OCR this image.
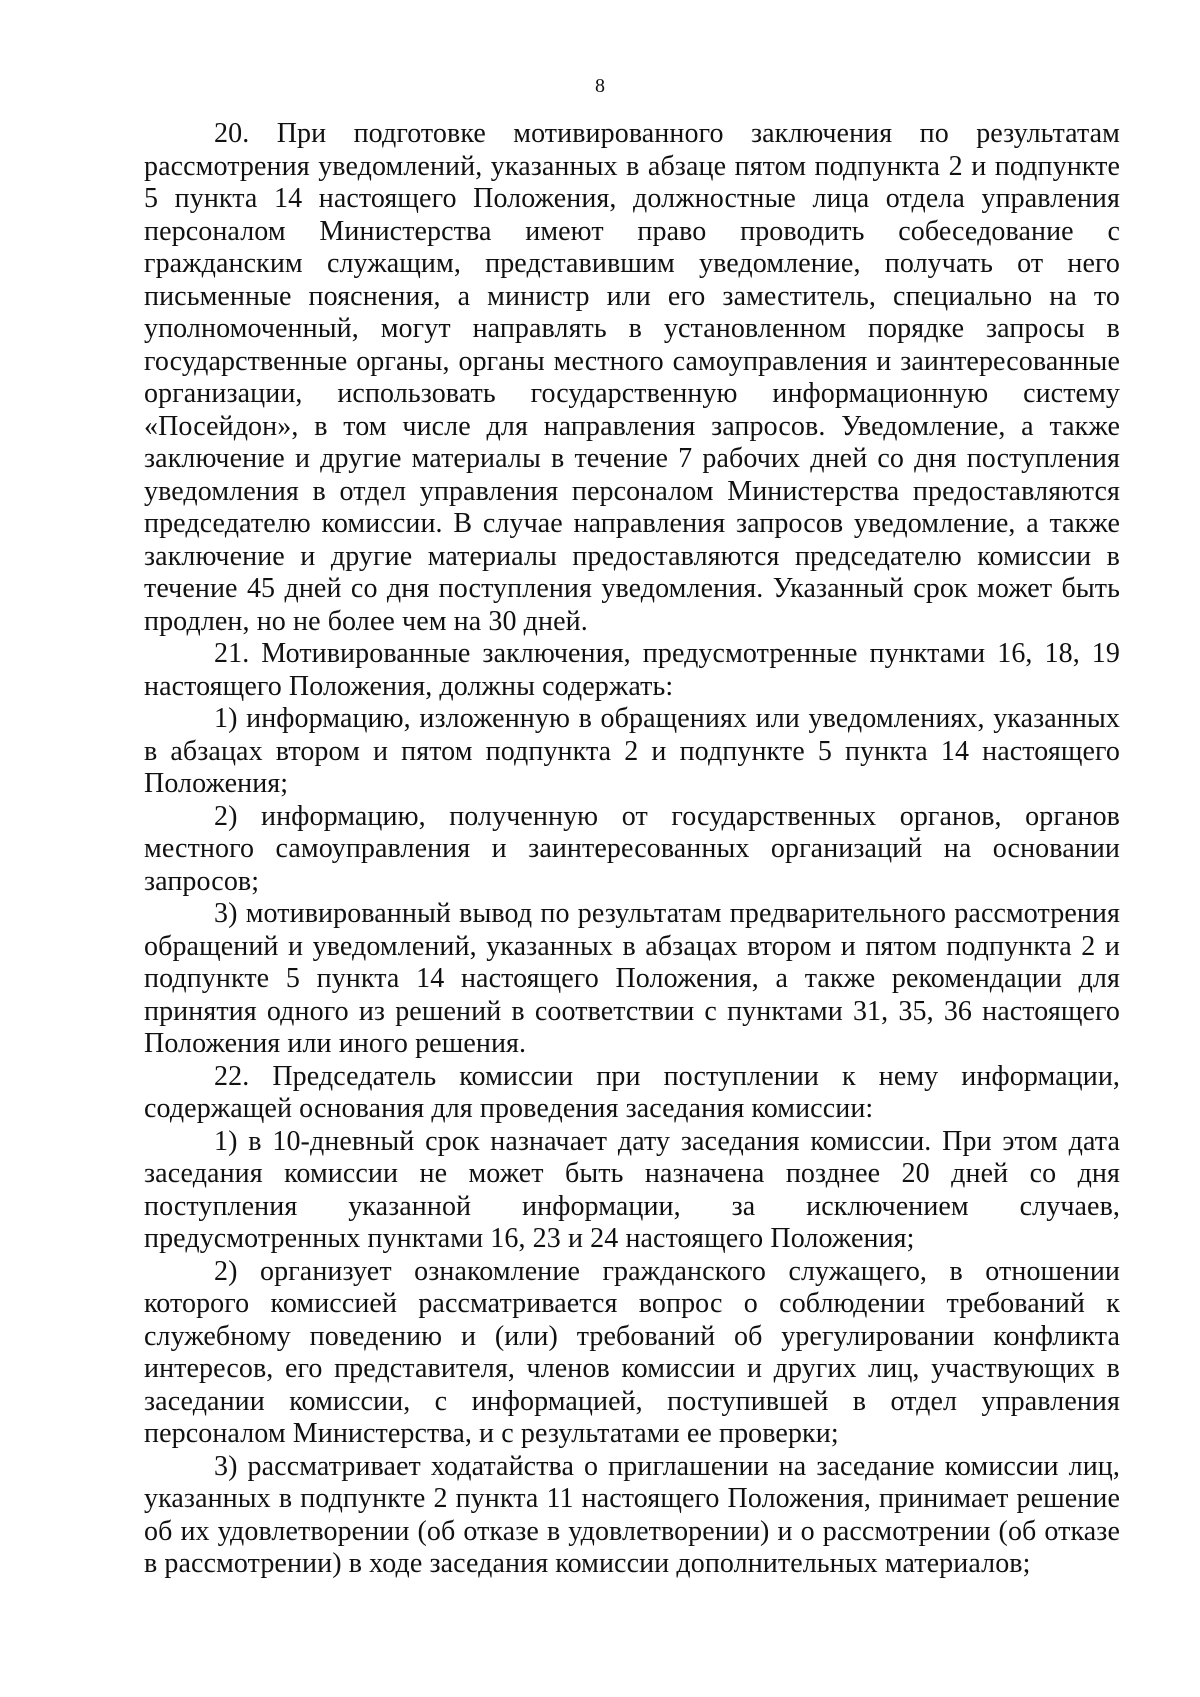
8

20. При подготовке мотивированного заключения по результатам рассмотрения уведомлений, указанных в абзаце пятом подпункта 2 и подпункте 5 пункта 14 настоящего Положения, должностные лица отдела управления персоналом Министерства имеют право проводить собеседование с гражданским служащим, представившим уведомление, получать от него письменные пояснения, а министр или его заместитель, специально на то уполномоченный, могут направлять в установленном порядке запросы в государственные органы, органы местного самоуправления и заинтересованные организации, использовать государственную информационную систему «Посейдон», в том числе для направления запросов. Уведомление, а также заключение и другие материалы в течение 7 рабочих дней со дня поступления уведомления в отдел управления персоналом Министерства предоставляются председателю комиссии. В случае направления запросов уведомление, а также заключение и другие материалы предоставляются председателю комиссии в течение 45 дней со дня поступления уведомления. Указанный срок может быть продлен, но не более чем на 30 дней.

21. Мотивированные заключения, предусмотренные пунктами 16, 18, 19 настоящего Положения, должны содержать:

1) информацию, изложенную в обращениях или уведомлениях, указанных в абзацах втором и пятом подпункта 2 и подпункте 5 пункта 14 настоящего Положения;

2) информацию, полученную от государственных органов, органов местного самоуправления и заинтересованных организаций на основании запросов;

3) мотивированный вывод по результатам предварительного рассмотрения обращений и уведомлений, указанных в абзацах втором и пятом подпункта 2 и подпункте 5 пункта 14 настоящего Положения, а также рекомендации для принятия одного из решений в соответствии с пунктами 31, 35, 36 настоящего Положения или иного решения.

22. Председатель комиссии при поступлении к нему информации, содержащей основания для проведения заседания комиссии:

1) в 10-дневный срок назначает дату заседания комиссии. При этом дата заседания комиссии не может быть назначена позднее 20 дней со дня поступления указанной информации, за исключением случаев, предусмотренных пунктами 16, 23 и 24 настоящего Положения;

2) организует ознакомление гражданского служащего, в отношении которого комиссией рассматривается вопрос о соблюдении требований к служебному поведению и (или) требований об урегулировании конфликта интересов, его представителя, членов комиссии и других лиц, участвующих в заседании комиссии, с информацией, поступившей в отдел управления персоналом Министерства, и с результатами ее проверки;

3) рассматривает ходатайства о приглашении на заседание комиссии лиц, указанных в подпункте 2 пункта 11 настоящего Положения, принимает решение об их удовлетворении (об отказе в удовлетворении) и о рассмотрении (об отказе в рассмотрении) в ходе заседания комиссии дополнительных материалов;
